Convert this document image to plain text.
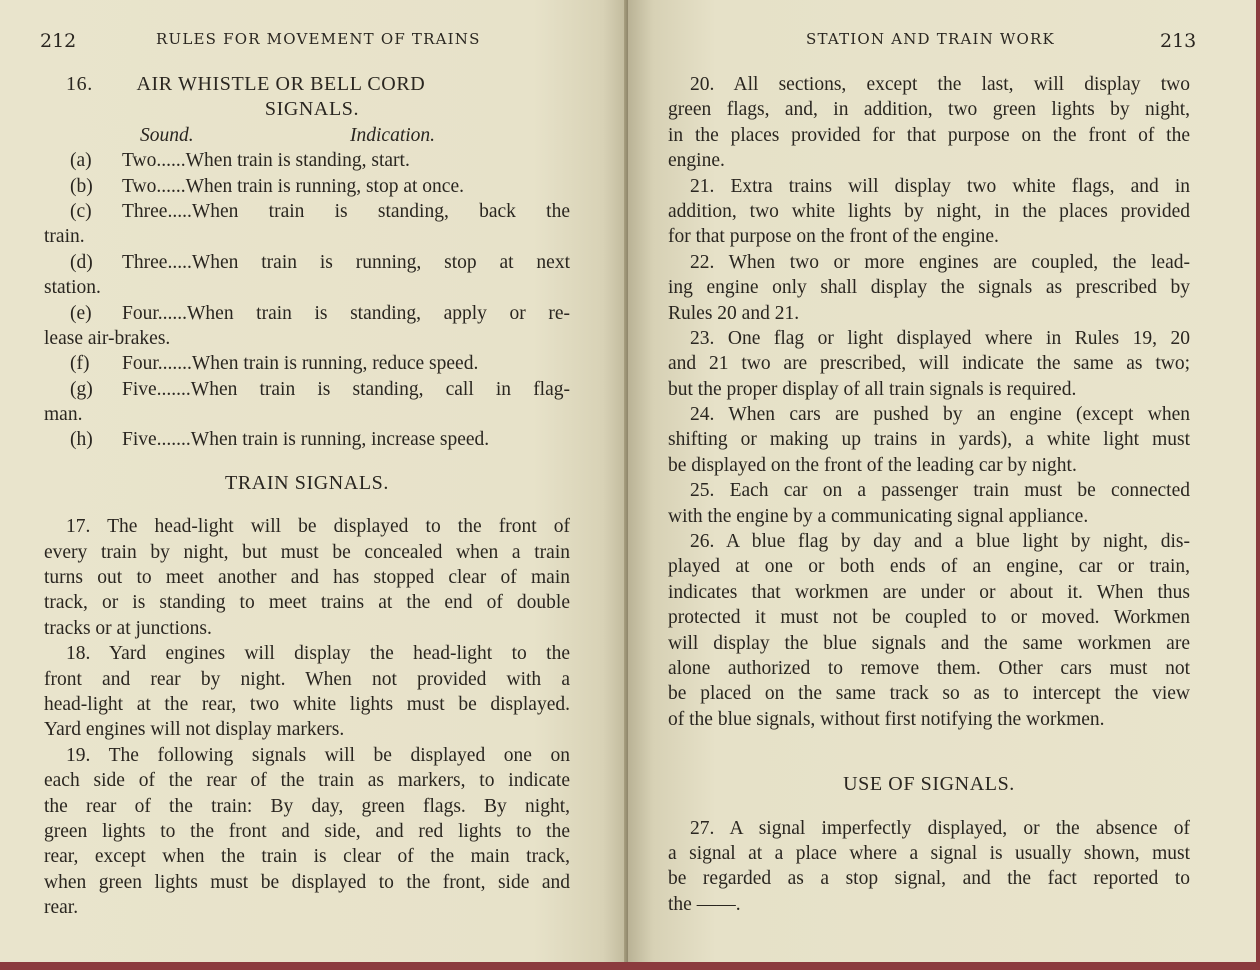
212	RULES FOR MOVEMENT OF TRAINS
16.        AIR WHISTLE OR BELL CORD
SIGNALS.
Sound.	Indication.
(a)	Two......When train is standing, start.
(b)	Two......When train is running, stop at once.
(c)	Three.....When train is standing, back the
train.
(d)	Three.....When train is running, stop at next
station.
(e)	Four......When train is standing, apply or re-
lease air-brakes.
(f)	Four.......When train is running, reduce speed.
(g)	Five.......When train is standing, call in flag-
man.
(h)	Five.......When train is running, increase speed.
TRAIN SIGNALS.
17. The head-light will be displayed to the front of
every train by night, but must be concealed when a train
turns out to meet another and has stopped clear of main
track, or is standing to meet trains at the end of double
tracks or at junctions.
18. Yard engines will display the head-light to the
front and rear by night. When not provided with a
head-light at the rear, two white lights must be displayed.
Yard engines will not display markers.
19. The following signals will be displayed one on
each side of the rear of the train as markers, to indicate
the rear of the train: By day, green flags. By night,
green lights to the front and side, and red lights to the
rear, except when the train is clear of the main track,
when green lights must be displayed to the front, side and
rear.
STATION AND TRAIN WORK	213
20. All sections, except the last, will display two
green flags, and, in addition, two green lights by night,
in the places provided for that purpose on the front of the
engine.
21. Extra trains will display two white flags, and in
addition, two white lights by night, in the places provided
for that purpose on the front of the engine.
22. When two or more engines are coupled, the lead-
ing engine only shall display the signals as prescribed by
Rules 20 and 21.
23. One flag or light displayed where in Rules 19, 20
and 21 two are prescribed, will indicate the same as two;
but the proper display of all train signals is required.
24. When cars are pushed by an engine (except when
shifting or making up trains in yards), a white light must
be displayed on the front of the leading car by night.
25. Each car on a passenger train must be connected
with the engine by a communicating signal appliance.
26. A blue flag by day and a blue light by night, dis-
played at one or both ends of an engine, car or train,
indicates that workmen are under or about it. When thus
protected it must not be coupled to or moved. Workmen
will display the blue signals and the same workmen are
alone authorized to remove them. Other cars must not
be placed on the same track so as to intercept the view
of the blue signals, without first notifying the workmen.
USE OF SIGNALS.
27. A signal imperfectly displayed, or the absence of
a signal at a place where a signal is usually shown, must
be regarded as a stop signal, and the fact reported to
the ——.
